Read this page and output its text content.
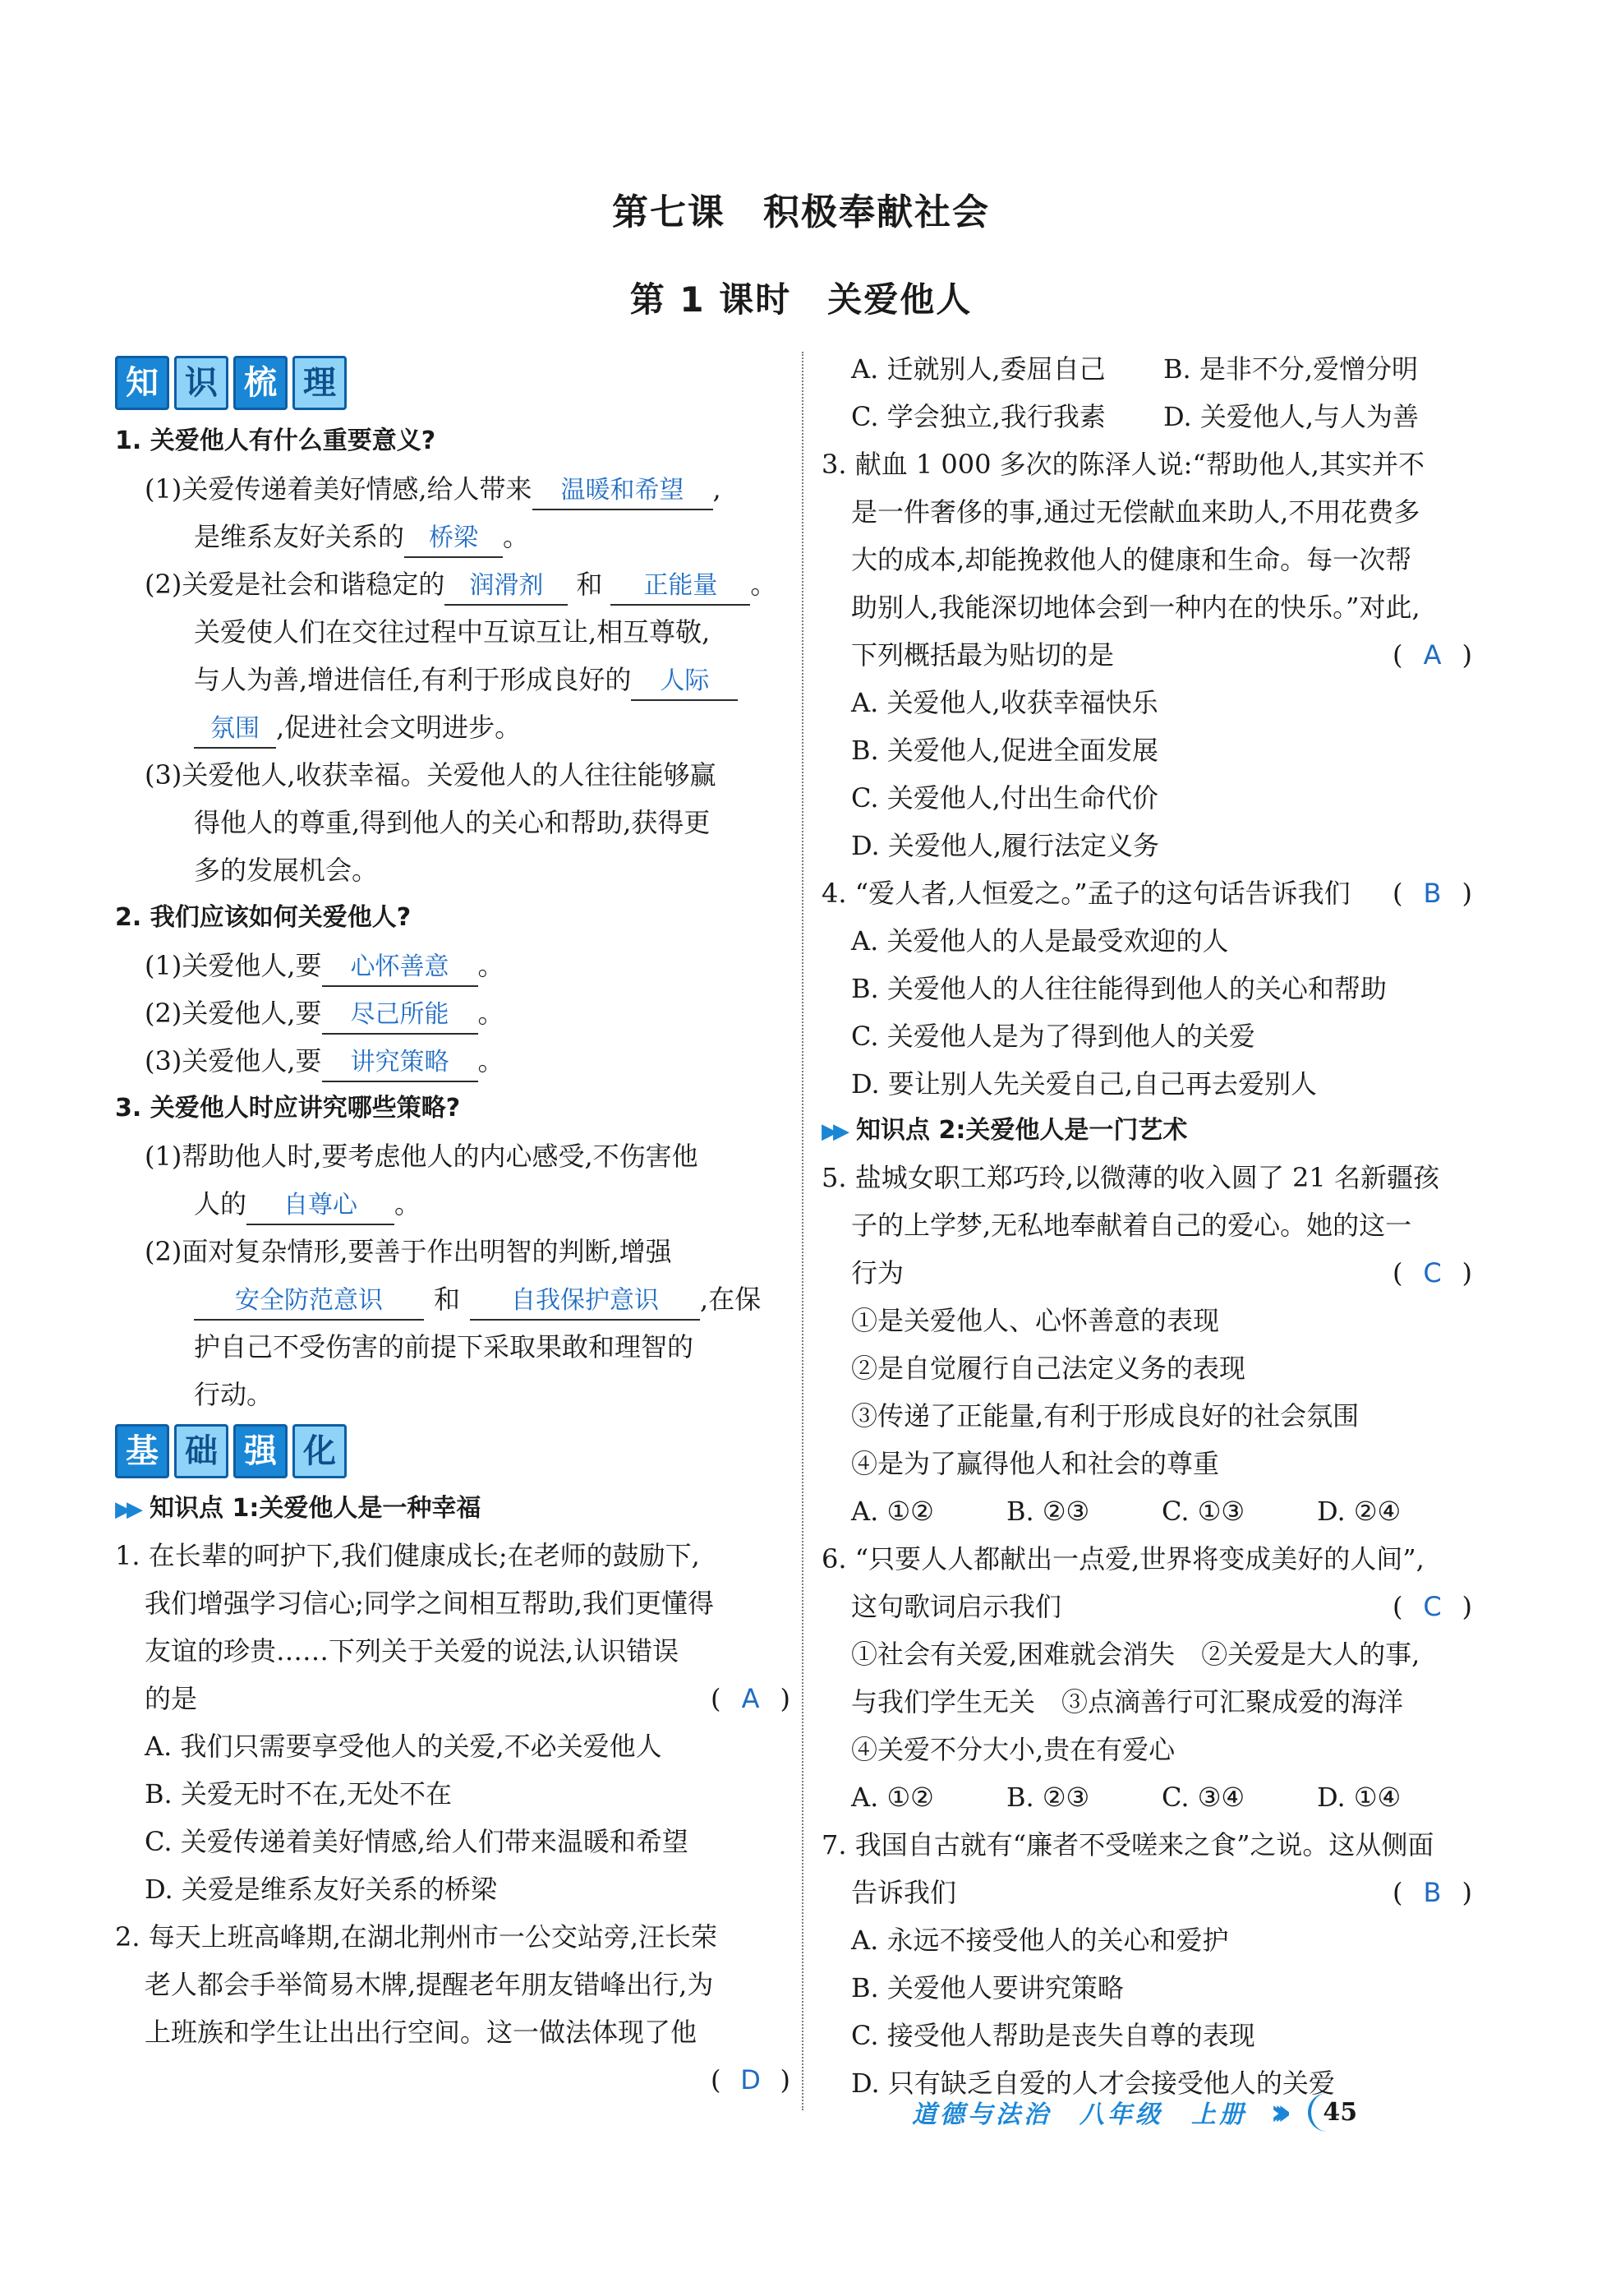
第七课　积极奉献社会
第 1 课时　关爱他人
知 识 梳 理
1. 关爱他人有什么重要意义?
(1)关爱传递着美好情感,给人带来 温暖和希望 ,
是维系友好关系的 桥梁 。
(2)关爱是社会和谐稳定的 润滑剂 和 正能量 。
关爱使人们在交往过程中互谅互让,相互尊敬,
与人为善,增进信任,有利于形成良好的 人际
氛围 ,促进社会文明进步。
(3)关爱他人,收获幸福。关爱他人的人往往能够赢
得他人的尊重,得到他人的关心和帮助,获得更
多的发展机会。
2. 我们应该如何关爱他人?
(1)关爱他人,要 心怀善意 。
(2)关爱他人,要 尽己所能 。
(3)关爱他人,要 讲究策略 。
3. 关爱他人时应讲究哪些策略?
(1)帮助他人时,要考虑他人的内心感受,不伤害他
人的 自尊心 。
(2)面对复杂情形,要善于作出明智的判断,增强
安全防范意识 和 自我保护意识 ,在保
护自己不受伤害的前提下采取果敢和理智的
行动。
基 础 强 化
▶▶ 知识点 1:关爱他人是一种幸福
1. 在长辈的呵护下,我们健康成长;在老师的鼓励下,
我们增强学习信心;同学之间相互帮助,我们更懂得
友谊的珍贵……下列关于关爱的说法,认识错误
的是	( A )
A. 我们只需要享受他人的关爱,不必关爱他人
B. 关爱无时不在,无处不在
C. 关爱传递着美好情感,给人们带来温暖和希望
D. 关爱是维系友好关系的桥梁
2. 每天上班高峰期,在湖北荆州市一公交站旁,汪长荣
老人都会手举简易木牌,提醒老年朋友错峰出行,为
上班族和学生让出出行空间。这一做法体现了他
( D )
A. 迁就别人,委屈自己	B. 是非不分,爱憎分明
C. 学会独立,我行我素	D. 关爱他人,与人为善
3. 献血 1 000 多次的陈泽人说:“帮助他人,其实并不
是一件奢侈的事,通过无偿献血来助人,不用花费多
大的成本,却能挽救他人的健康和生命。每一次帮
助别人,我能深切地体会到一种内在的快乐。”对此,
下列概括最为贴切的是	( A )
A. 关爱他人,收获幸福快乐
B. 关爱他人,促进全面发展
C. 关爱他人,付出生命代价
D. 关爱他人,履行法定义务
4. “爱人者,人恒爱之。”孟子的这句话告诉我们 ( B )
A. 关爱他人的人是最受欢迎的人
B. 关爱他人的人往往能得到他人的关心和帮助
C. 关爱他人是为了得到他人的关爱
D. 要让别人先关爱自己,自己再去爱别人
▶▶ 知识点 2:关爱他人是一门艺术
5. 盐城女职工郑巧玲,以微薄的收入圆了 21 名新疆孩
子的上学梦,无私地奉献着自己的爱心。她的这一
行为	( C )
①是关爱他人、心怀善意的表现
②是自觉履行自己法定义务的表现
③传递了正能量,有利于形成良好的社会氛围
④是为了赢得他人和社会的尊重
A. ①②	B. ②③	C. ①③	D. ②④
6. “只要人人都献出一点爱,世界将变成美好的人间”,
这句歌词启示我们	( C )
①社会有关爱,困难就会消失　②关爱是大人的事,
与我们学生无关　③点滴善行可汇聚成爱的海洋
④关爱不分大小,贵在有爱心
A. ①②	B. ②③	C. ③④	D. ①④
7. 我国自古就有“廉者不受嗟来之食”之说。这从侧面
告诉我们	( B )
A. 永远不接受他人的关心和爱护
B. 关爱他人要讲究策略
C. 接受他人帮助是丧失自尊的表现
D. 只有缺乏自爱的人才会接受他人的关爱
道德与法治　八年级　上册 ›››	45
